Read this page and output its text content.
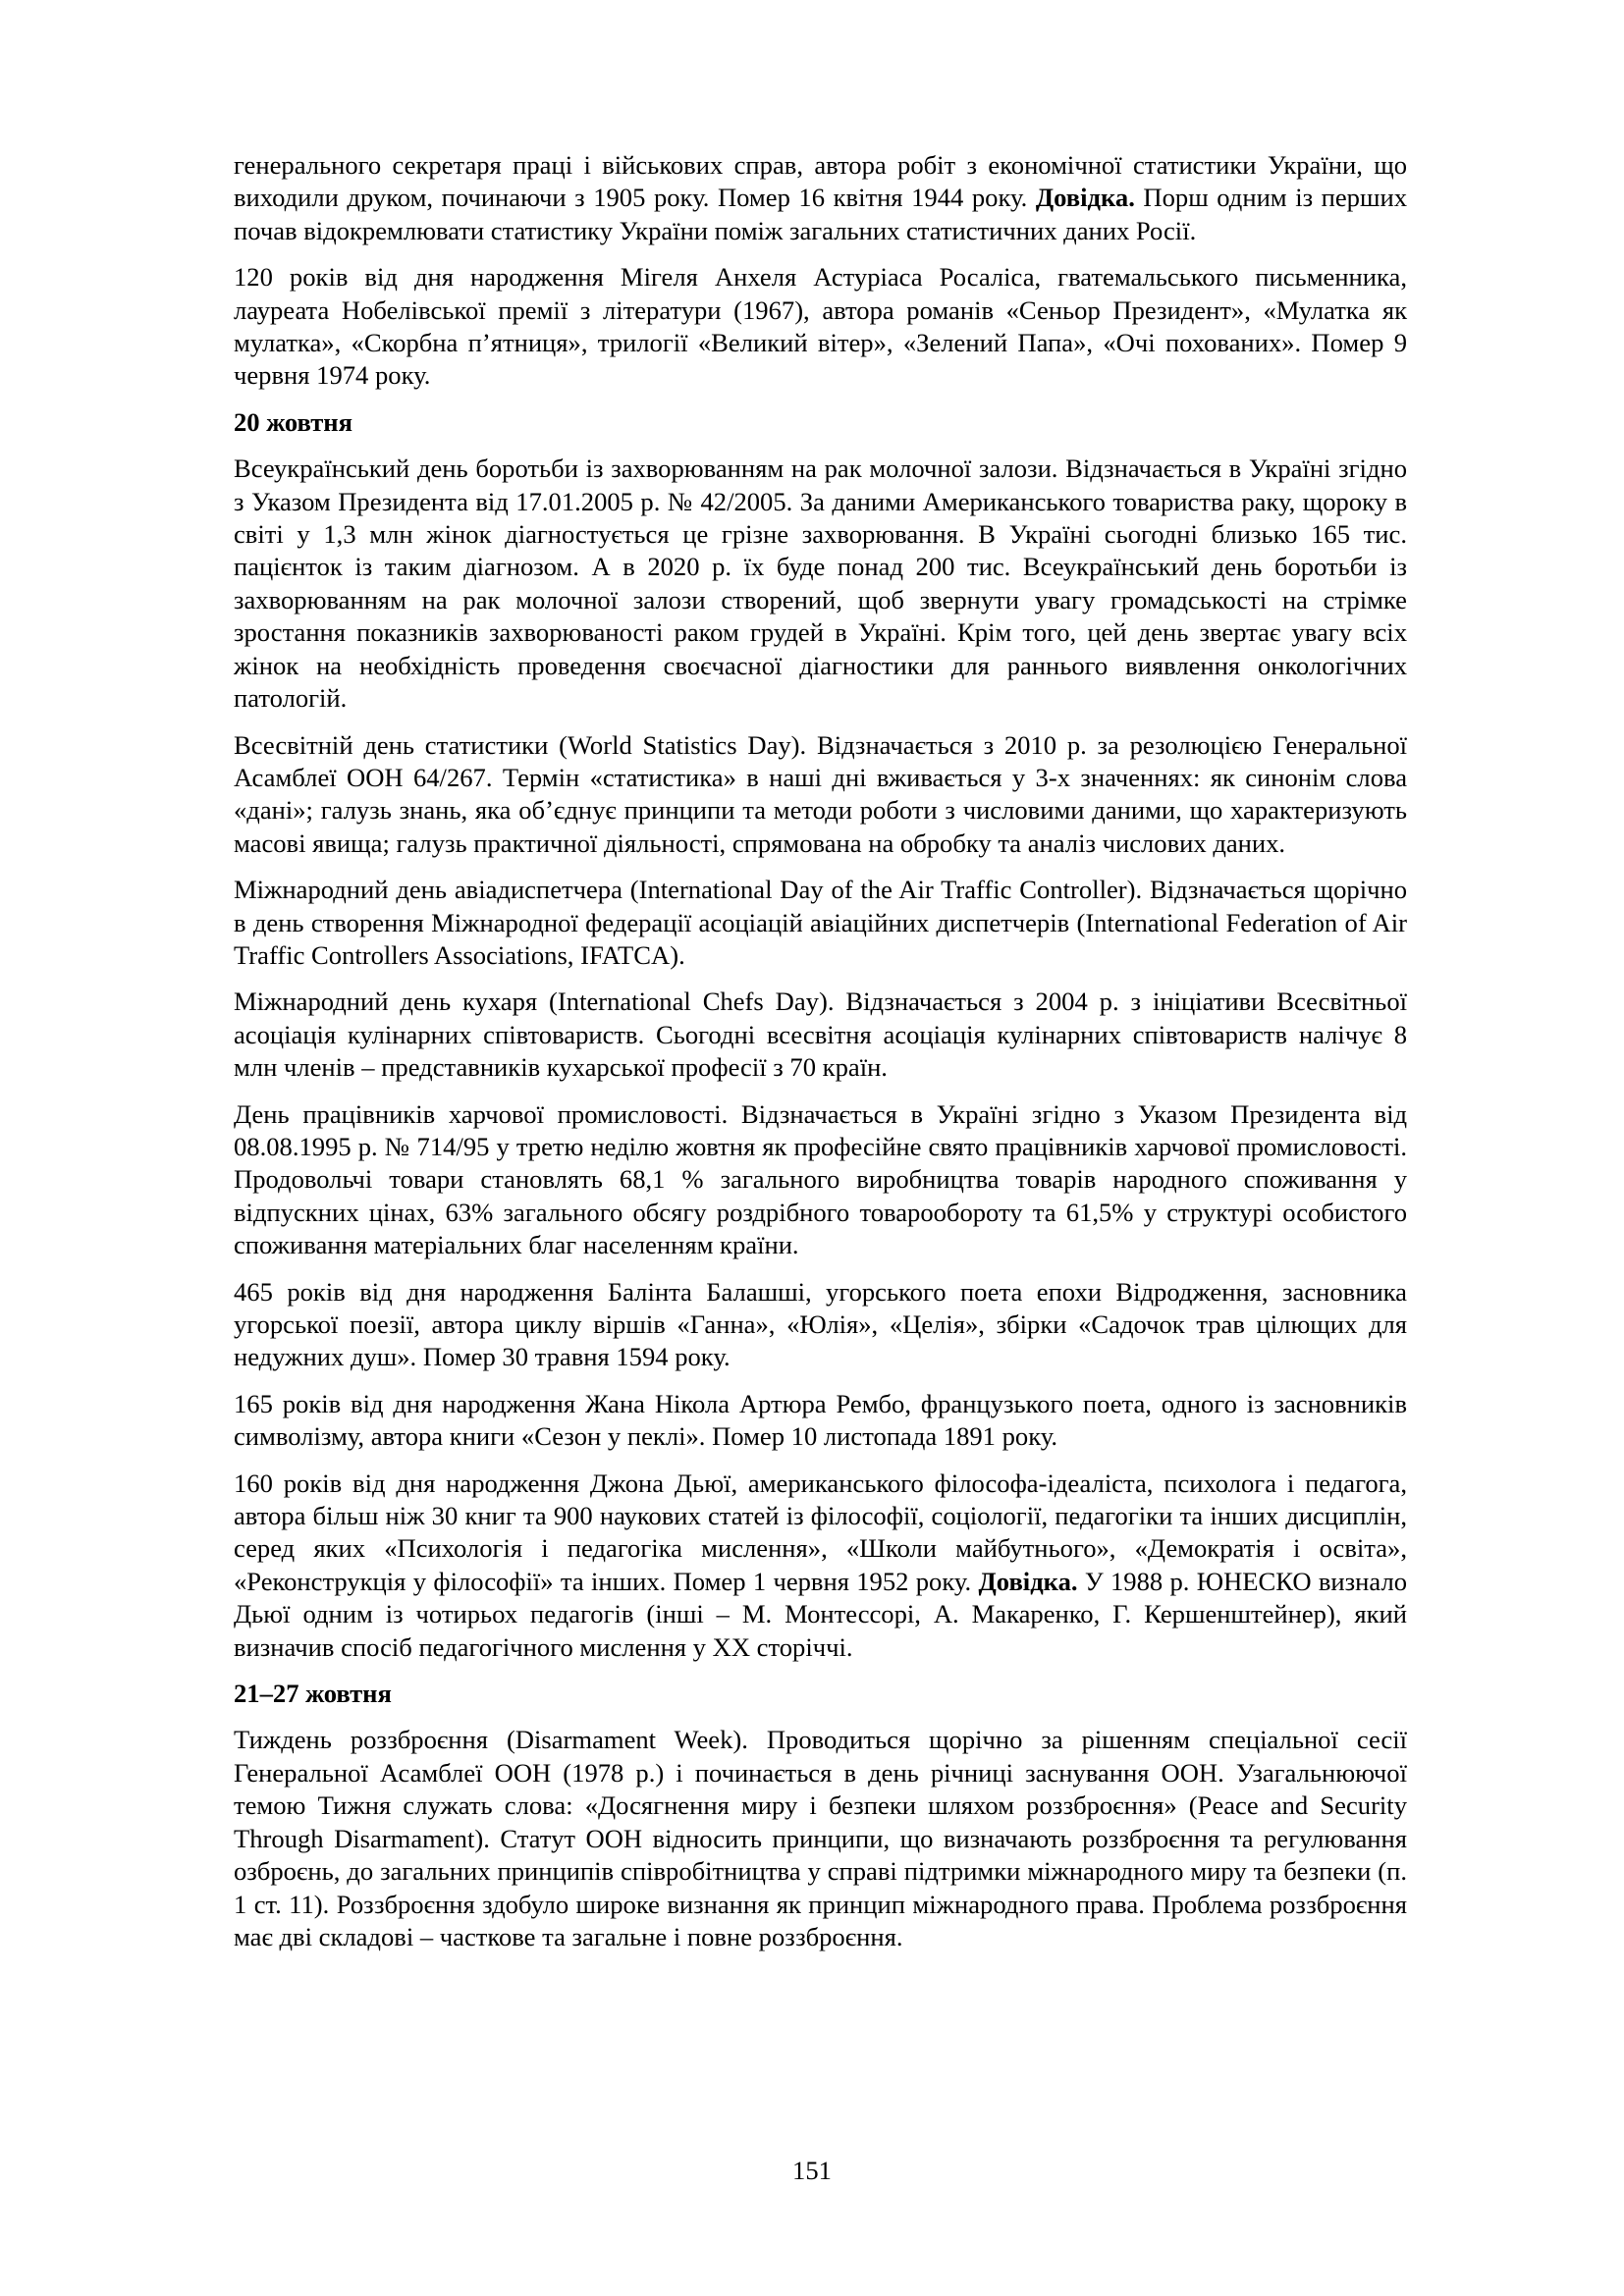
генерального секретаря праці і військових справ, автора робіт з економічної статистики України, що виходили друком, починаючи з 1905 року. Помер 16 квітня 1944 року. Довідка. Порш одним із перших почав відокремлювати статистику України поміж загальних статистичних даних Росії.

120 років від дня народження Мігеля Анхеля Астуріаса Росаліса, гватемальського письменника, лауреата Нобелівської премії з літератури (1967), автора романів «Сеньор Президент», «Мулатка як мулатка», «Скорбна п’ятниця», трилогії «Великий вітер», «Зелений Папа», «Очі похованих». Помер 9 червня 1974 року.

20 жовтня

Всеукраїнський день боротьби із захворюванням на рак молочної залози. Відзначається в Україні згідно з Указом Президента від 17.01.2005 р. № 42/2005. За даними Американського товариства раку, щороку в світі у 1,3 млн жінок діагностується це грізне захворювання. В Україні сьогодні близько 165 тис. пацієнток із таким діагнозом. А в 2020 р. їх буде понад 200 тис. Всеукраїнський день боротьби із захворюванням на рак молочної залози створений, щоб звернути увагу громадськості на стрімке зростання показників захворюваності раком грудей в Україні. Крім того, цей день звертає увагу всіх жінок на необхідність проведення своєчасної діагностики для раннього виявлення онкологічних патологій.

Всесвітній день статистики (World Statistics Day). Відзначається з 2010 р. за резолюцією Генеральної Асамблеї ООН 64/267. Термін «статистика» в наші дні вживається у 3-х значеннях: як синонім слова «дані»; галузь знань, яка об’єднує принципи та методи роботи з числовими даними, що характеризують масові явища; галузь практичної діяльності, спрямована на обробку та аналіз числових даних.

Міжнародний день авіадиспетчера (International Day of the Air Traffic Controller). Відзначається щорічно в день створення Міжнародної федерації асоціацій авіаційних диспетчерів (International Federation of Air Traffic Controllers Associations, IFATCA).

Міжнародний день кухаря (International Chefs Day). Відзначається з 2004 р. з ініціативи Всесвітньої асоціація кулінарних співтовариств. Сьогодні всесвітня асоціація кулінарних співтовариств налічує 8 млн членів – представників кухарської професії з 70 країн.

День працівників харчової промисловості. Відзначається в Україні згідно з Указом Президента від 08.08.1995 р. № 714/95 у третю неділю жовтня як професійне свято працівників харчової промисловості. Продовольчі товари становлять 68,1 % загального виробництва товарів народного споживання у відпускних цінах, 63% загального обсягу роздрібного товарообороту та 61,5% у структурі особистого споживання матеріальних благ населенням країни.

465 років від дня народження Балінта Балашші, угорського поета епохи Відродження, засновника угорської поезії, автора циклу віршів «Ганна», «Юлія», «Целія», збірки «Садочок трав цілющих для недужних душ». Помер 30 травня 1594 року.

165 років від дня народження Жана Нікола Артюра Рембо, французького поета, одного із засновників символізму, автора книги «Сезон у пеклі». Помер 10 листопада 1891 року.

160 років від дня народження Джона Дьюї, американського філософа-ідеаліста, психолога і педагога, автора більш ніж 30 книг та 900 наукових статей із філософії, соціології, педагогіки та інших дисциплін, серед яких «Психологія і педагогіка мислення», «Школи майбутнього», «Демократія і освіта», «Реконструкція у філософії» та інших. Помер 1 червня 1952 року. Довідка. У 1988 р. ЮНЕСКО визнало Дьюї одним із чотирьох педагогів (інші – М. Монтессорі, А. Макаренко, Г. Кершенштейнер), який визначив спосіб педагогічного мислення у ХХ сторіччі.

21–27 жовтня

Тиждень роззброєння (Disarmament Week). Проводиться щорічно за рішенням спеціальної сесії Генеральної Асамблеї ООН (1978 р.) і починається в день річниці заснування ООН. Узагальнюючої темою Тижня служать слова: «Досягнення миру і безпеки шляхом роззброєння» (Peace and Security Through Disarmament). Статут ООН відносить принципи, що визначають роззброєння та регулювання озброєнь, до загальних принципів співробітництва у справі підтримки міжнародного миру та безпеки (п. 1 ст. 11). Роззброєння здобуло широке визнання як принцип міжнародного права. Проблема роззброєння має дві складові – часткове та загальне і повне роззброєння.

151
